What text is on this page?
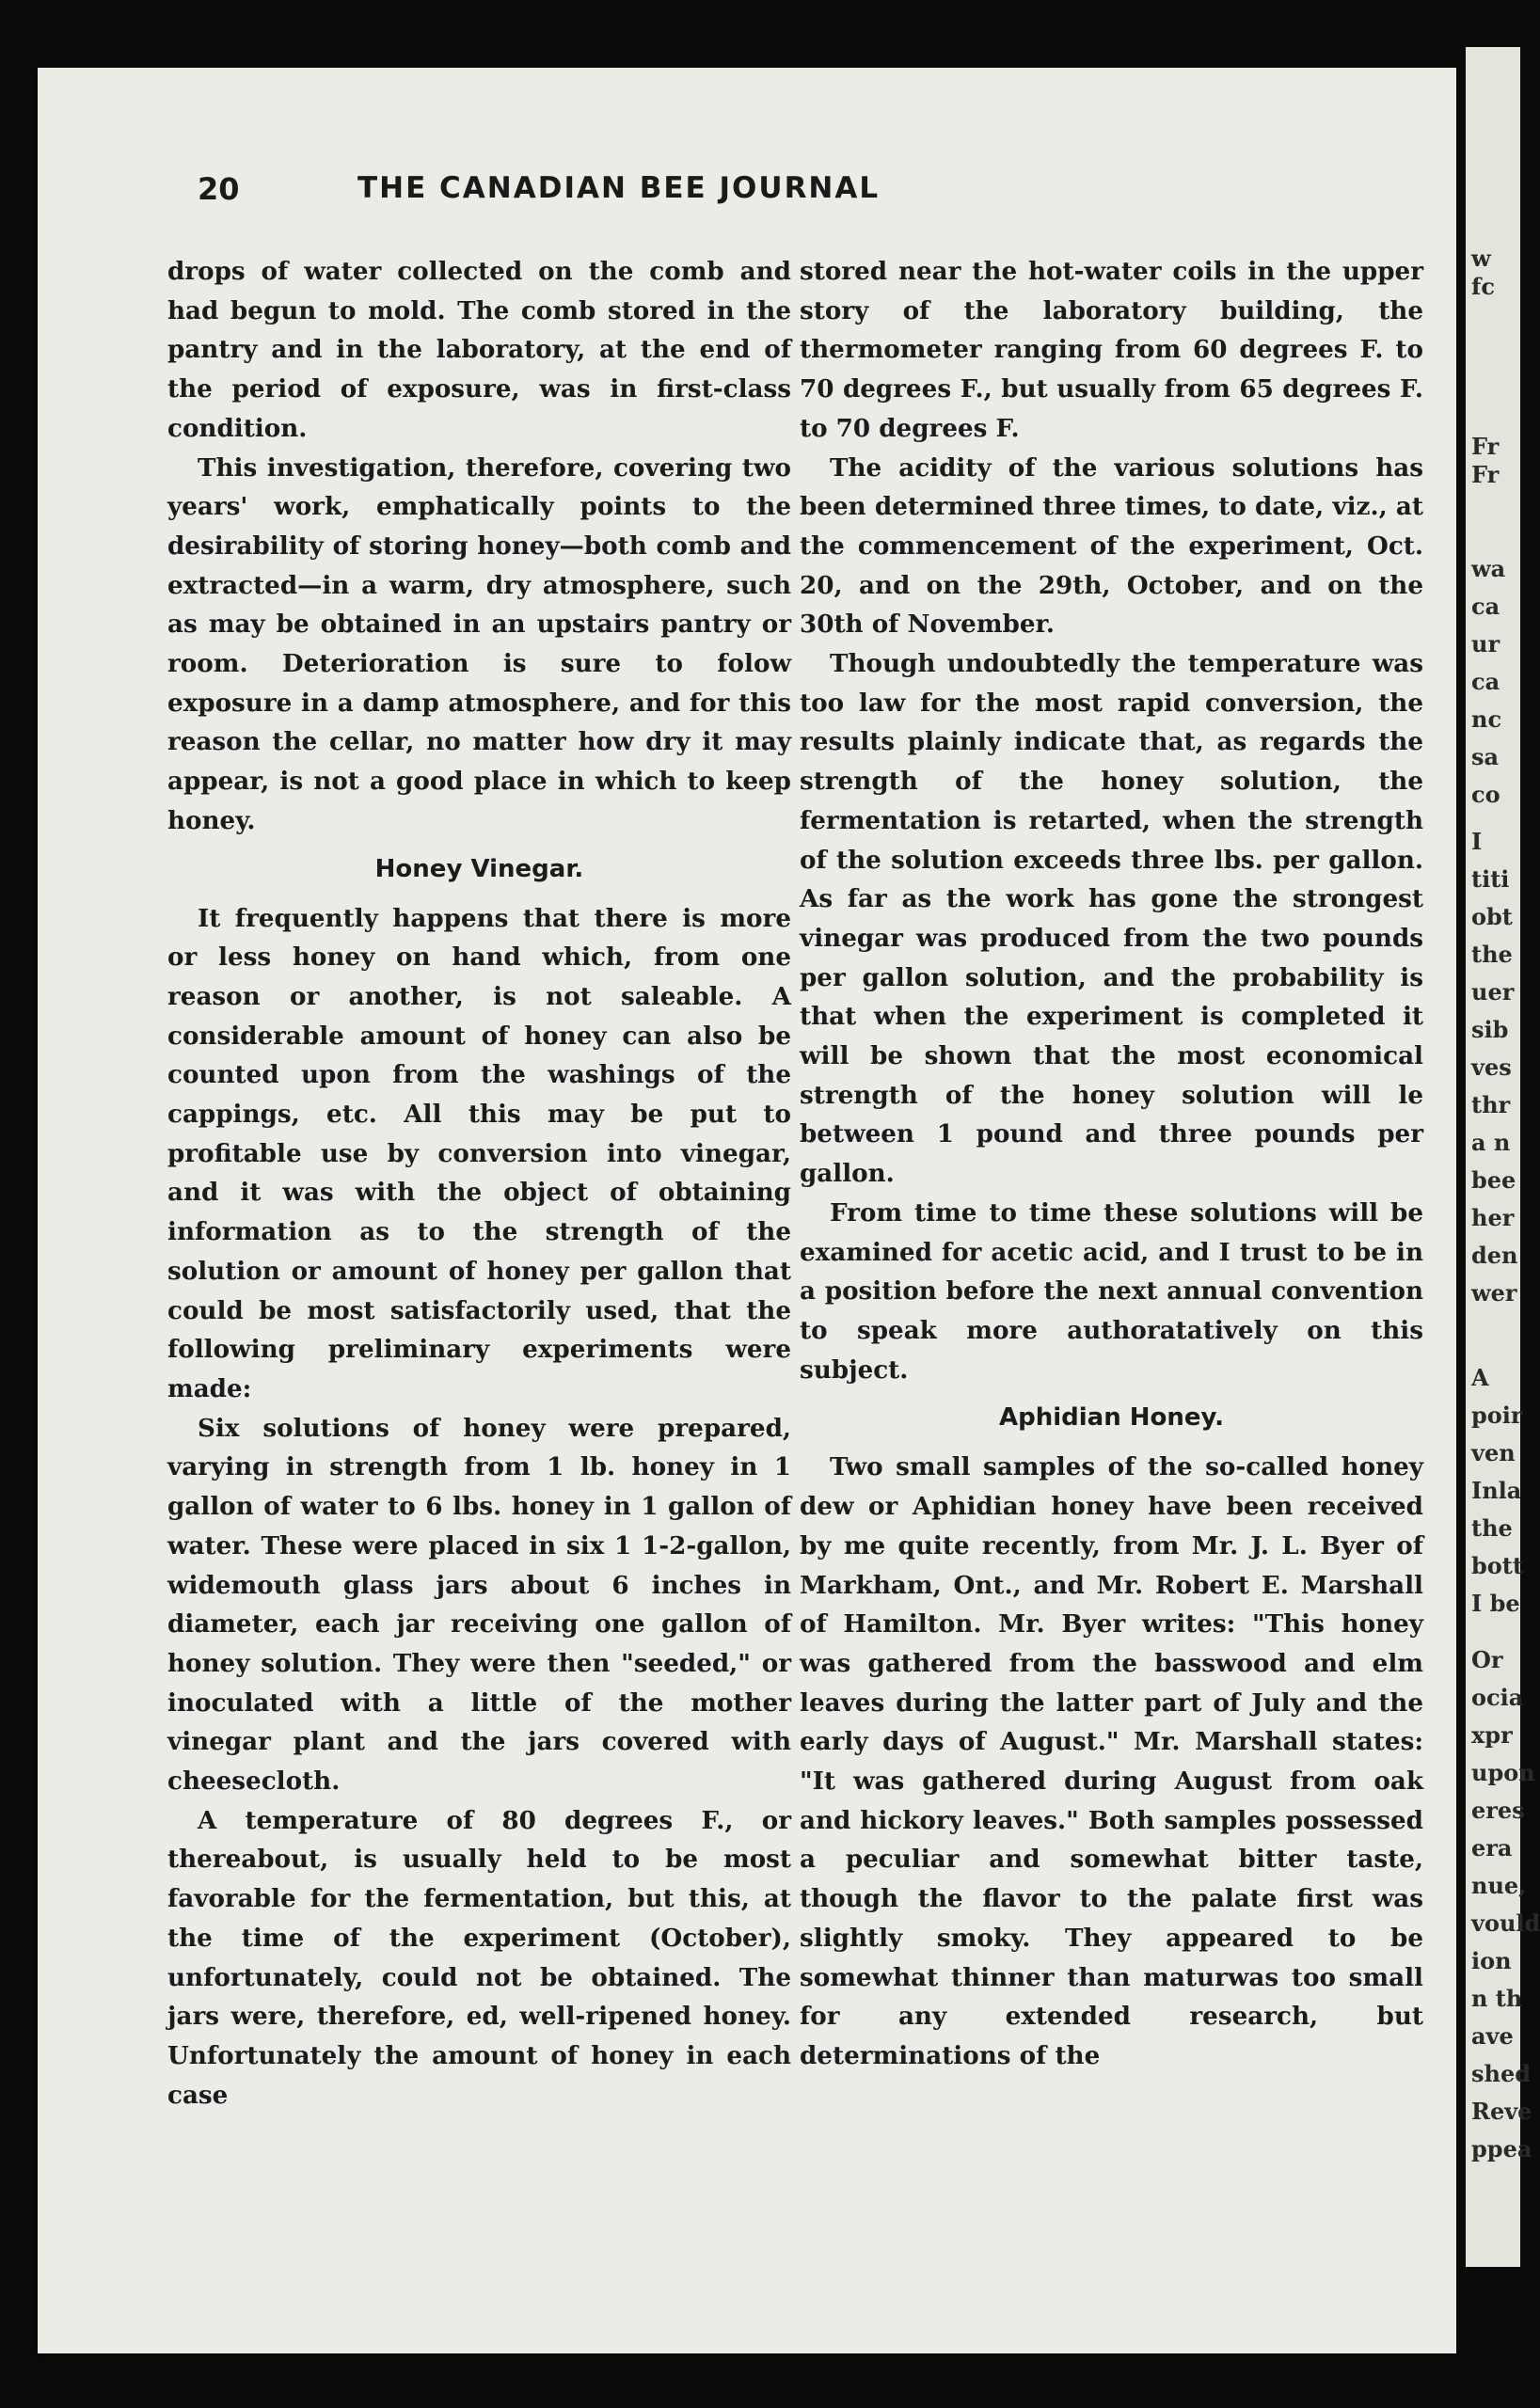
20	THE CANADIAN BEE JOURNAL

drops of water collected on the comb and had begun to mold. The comb stored in the pantry and in the laboratory, at the end of the period of exposure, was in first-class condition.

This investigation, therefore, covering two years' work, emphatically points to the desirability of storing honey—both comb and extracted—in a warm, dry atmosphere, such as may be obtained in an upstairs pantry or room. Deterioration is sure to folow exposure in a damp atmosphere, and for this reason the cellar, no matter how dry it may appear, is not a good place in which to keep honey.

Honey Vinegar.

It frequently happens that there is more or less honey on hand which, from one reason or another, is not saleable. A considerable amount of honey can also be counted upon from the washings of the cappings, etc. All this may be put to profitable use by conversion into vinegar, and it was with the object of obtaining information as to the strength of the solution or amount of honey per gallon that could be most satisfactorily used, that the following preliminary experiments were made:

Six solutions of honey were prepared, varying in strength from 1 lb. honey in 1 gallon of water to 6 lbs. honey in 1 gallon of water. These were placed in six 1 1-2-gallon, widemouth glass jars about 6 inches in diameter, each jar receiving one gallon of honey solution. They were then "seeded," or inoculated with a little of the mother vinegar plant and the jars covered with cheesecloth.

A temperature of 80 degrees F., or thereabout, is usually held to be most favorable for the fermentation, but this, at the time of the experiment (October), unfortunately, could not be obtained. The jars were, therefore, ed, well-ripened honey. Unfortunately the amount of honey in each case

stored near the hot-water coils in the upper story of the laboratory building, the thermometer ranging from 60 degrees F. to 70 degrees F., but usually from 65 degrees F. to 70 degrees F.

The acidity of the various solutions has been determined three times, to date, viz., at the commencement of the experiment, Oct. 20, and on the 29th, October, and on the 30th of November.

Though undoubtedly the temperature was too law for the most rapid conversion, the results plainly indicate that, as regards the strength of the honey solution, the fermentation is retarted, when the strength of the solution exceeds three lbs. per gallon. As far as the work has gone the strongest vinegar was produced from the two pounds per gallon solution, and the probability is that when the experiment is completed it will be shown that the most economical strength of the honey solution will le between 1 pound and three pounds per gallon.

From time to time these solutions will be examined for acetic acid, and I trust to be in a position before the next annual convention to speak more authoratatively on this subject.

Aphidian Honey.

Two small samples of the so-called honey dew or Aphidian honey have been received by me quite recently, from Mr. J. L. Byer of Markham, Ont., and Mr. Robert E. Marshall of Hamilton. Mr. Byer writes: "This honey was gathered from the basswood and elm leaves during the latter part of July and the early days of August." Mr. Marshall states: "It was gathered during August from oak and hickory leaves." Both samples possessed a peculiar and somewhat bitter taste, though the flavor to the palate first was slightly smoky. They appeared to be somewhat thinner than maturwas too small for any extended research, but determinations of the

w
fc
Fr
Fr
wa
ca
ur
ca
nc
sa
co
I
titi
obt
the
uer
sib
ves
thr
a n
bee
her
den
wer
A
poir
ven
Inla
the
bott
I be
Or
ocia
xpr
upon
eres
era
nue,
vould
ion
n th
ave
shed
Reve
ppea
